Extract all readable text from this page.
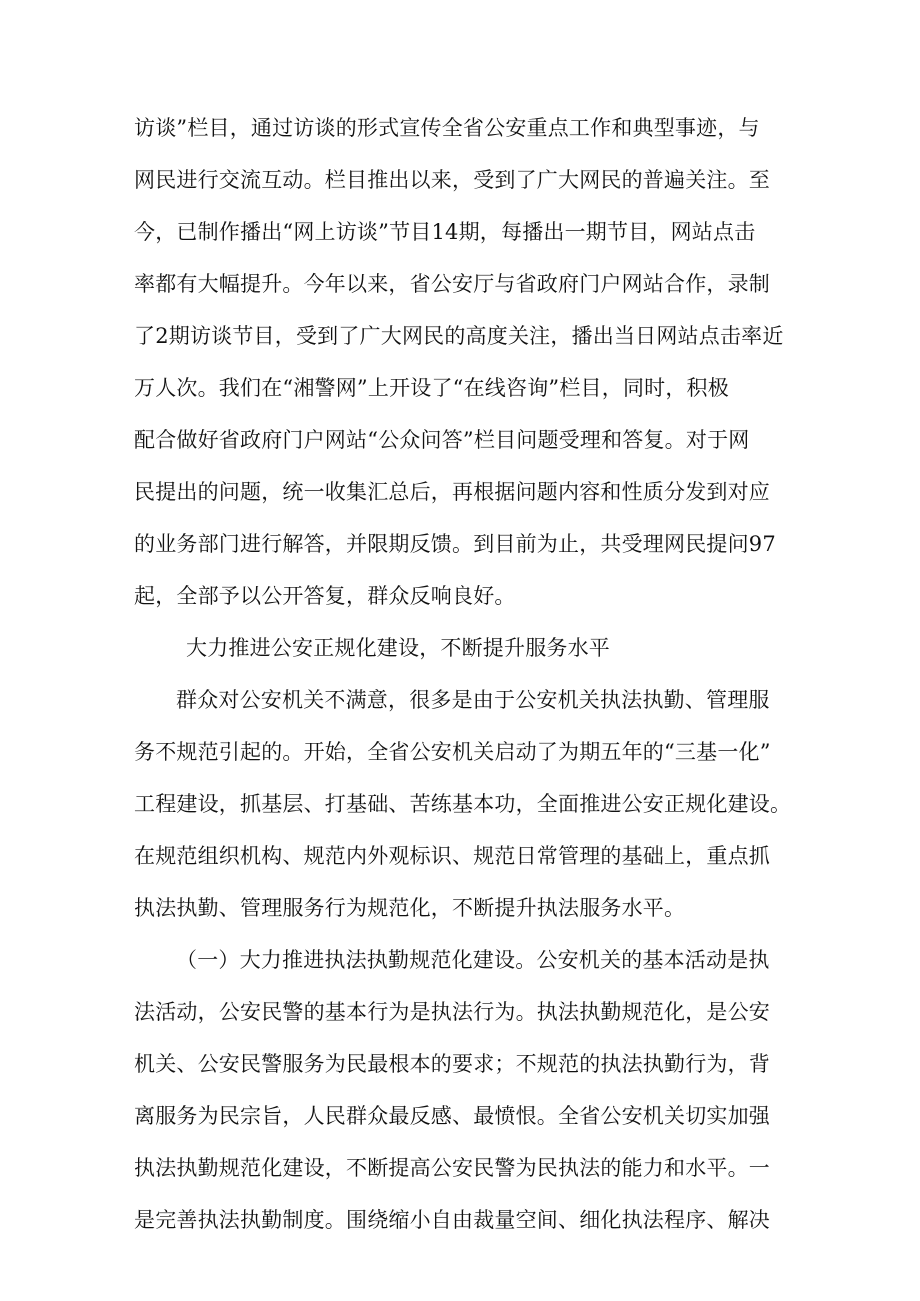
访谈”栏目，通过访谈的形式宣传全省公安重点工作和典型事迹，与
网民进行交流互动。栏目推出以来，受到了广大网民的普遍关注。至
今，已制作播出“网上访谈”节目14期，每播出一期节目，网站点击
率都有大幅提升。今年以来，省公安厅与省政府门户网站合作，录制
了2期访谈节目，受到了广大网民的高度关注，播出当日网站点击率近
万人次。我们在“湘警网”上开设了“在线咨询”栏目，同时，积极
配合做好省政府门户网站“公众问答”栏目问题受理和答复。对于网
民提出的问题，统一收集汇总后，再根据问题内容和性质分发到对应
的业务部门进行解答，并限期反馈。到目前为止，共受理网民提问97
起，全部予以公开答复，群众反响良好。
大力推进公安正规化建设，不断提升服务水平
群众对公安机关不满意，很多是由于公安机关执法执勤、管理服
务不规范引起的。开始，全省公安机关启动了为期五年的“三基一化”
工程建设，抓基层、打基础、苦练基本功，全面推进公安正规化建设。
在规范组织机构、规范内外观标识、规范日常管理的基础上，重点抓
执法执勤、管理服务行为规范化，不断提升执法服务水平。
（一）大力推进执法执勤规范化建设。公安机关的基本活动是执
法活动，公安民警的基本行为是执法行为。执法执勤规范化，是公安
机关、公安民警服务为民最根本的要求；不规范的执法执勤行为，背
离服务为民宗旨，人民群众最反感、最愤恨。全省公安机关切实加强
执法执勤规范化建设，不断提高公安民警为民执法的能力和水平。一
是完善执法执勤制度。围绕缩小自由裁量空间、细化执法程序、解决
